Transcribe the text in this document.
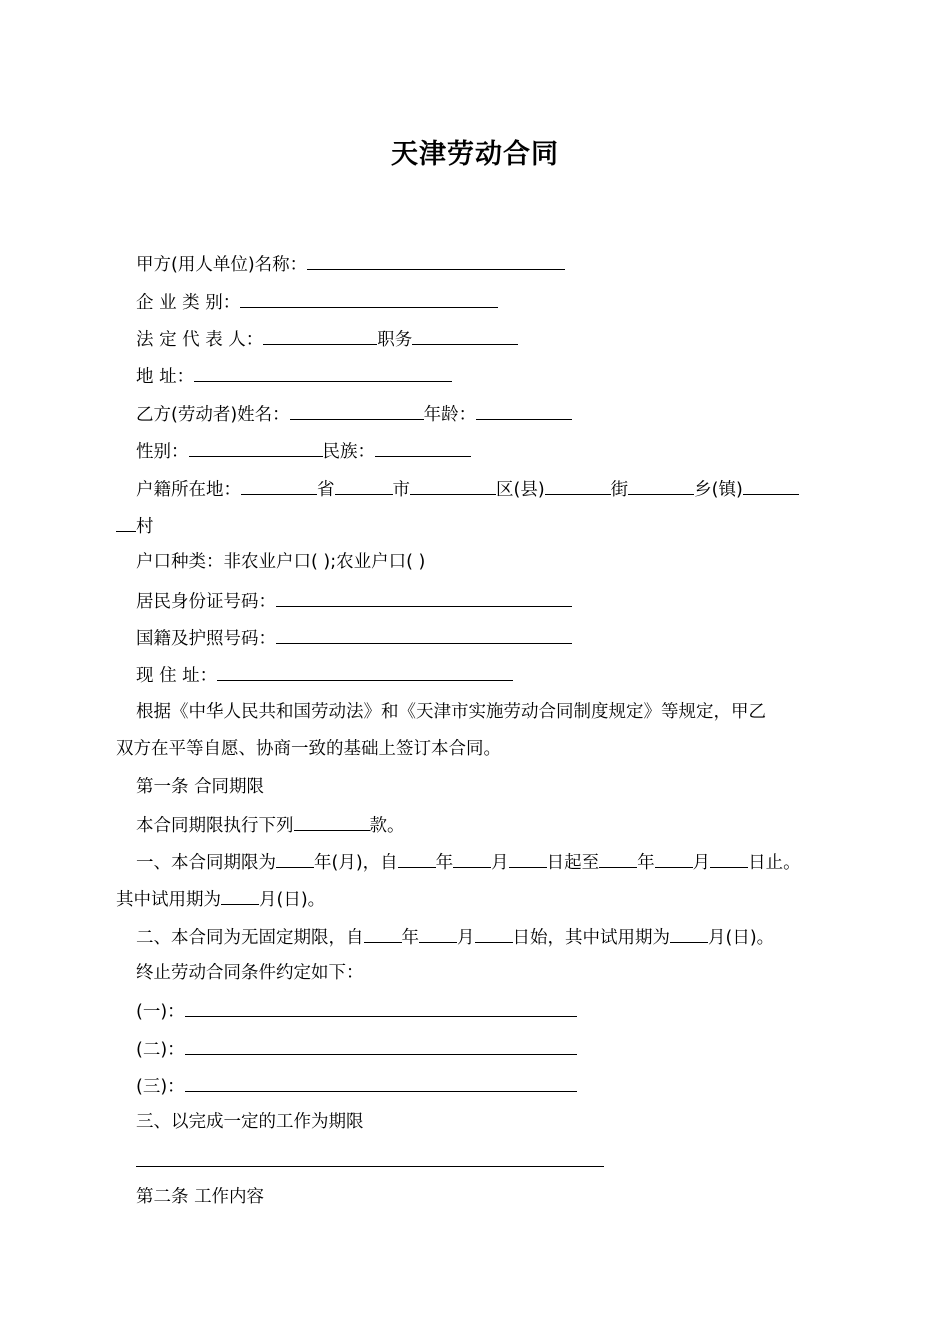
天津劳动合同
甲方(用人单位)名称：
企 业 类 别：
法 定 代 表 人：	职务
地 址：
乙方(劳动者)姓名：	年龄：
性别：	民族：
户籍所在地：	省	市	区(县)	街	乡(镇)
村
户口种类：非农业户口( );农业户口( )
居民身份证号码：
国籍及护照号码：
现 住 址：
根据《中华人民共和国劳动法》和《天津市实施劳动合同制度规定》等规定，甲乙
双方在平等自愿、协商一致的基础上签订本合同。
第一条 合同期限
本合同期限执行下列	款。
一、本合同期限为 年(月)，自 年 月 日起至 年 月 日止。
其中试用期为 月(日)。
二、本合同为无固定期限，自 年 月 日始，其中试用期为 月(日)。
终止劳动合同条件约定如下：
(一)：
(二)：
(三)：
三、以完成一定的工作为期限
第二条 工作内容
